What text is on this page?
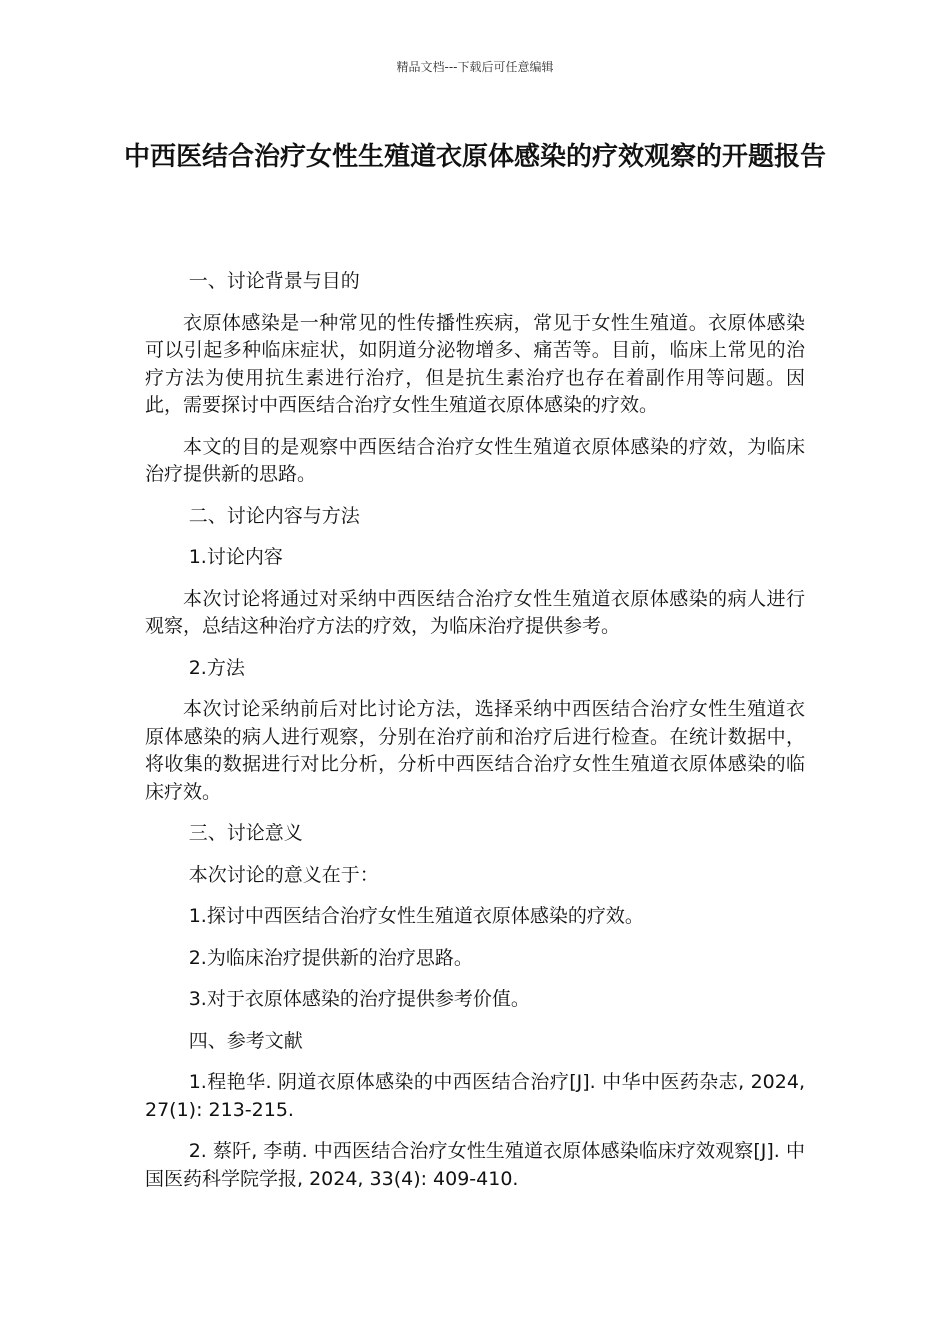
精品文档---下载后可任意编辑

中西医结合治疗女性生殖道衣原体感染的疗效观察的开题报告

一、讨论背景与目的

衣原体感染是一种常见的性传播性疾病，常见于女性生殖道。衣原体感染可以引起多种临床症状，如阴道分泌物增多、痛苦等。目前，临床上常见的治疗方法为使用抗生素进行治疗，但是抗生素治疗也存在着副作用等问题。因此，需要探讨中西医结合治疗女性生殖道衣原体感染的疗效。

本文的目的是观察中西医结合治疗女性生殖道衣原体感染的疗效，为临床治疗提供新的思路。

二、讨论内容与方法

1.讨论内容

本次讨论将通过对采纳中西医结合治疗女性生殖道衣原体感染的病人进行观察，总结这种治疗方法的疗效，为临床治疗提供参考。

2.方法

本次讨论采纳前后对比讨论方法，选择采纳中西医结合治疗女性生殖道衣原体感染的病人进行观察，分别在治疗前和治疗后进行检查。在统计数据中，将收集的数据进行对比分析，分析中西医结合治疗女性生殖道衣原体感染的临床疗效。

三、讨论意义

本次讨论的意义在于：

1.探讨中西医结合治疗女性生殖道衣原体感染的疗效。

2.为临床治疗提供新的治疗思路。

3.对于衣原体感染的治疗提供参考价值。

四、参考文献

1.程艳华. 阴道衣原体感染的中西医结合治疗[J]. 中华中医药杂志, 2024, 27(1): 213-215.

2. 蔡阡, 李萌. 中西医结合治疗女性生殖道衣原体感染临床疗效观察[J]. 中国医药科学院学报, 2024, 33(4): 409-410.
